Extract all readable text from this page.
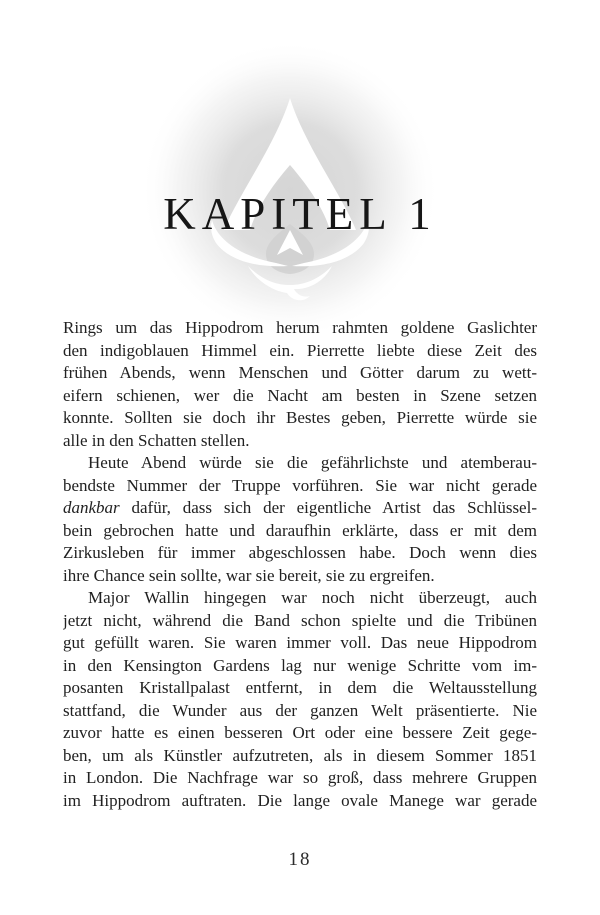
KAPITEL 1
Rings um das Hippodrom herum rahmten goldene Gaslichter
den indigoblauen Himmel ein. Pierrette liebte diese Zeit des
frühen Abends, wenn Menschen und Götter darum zu wett-
eifern schienen, wer die Nacht am besten in Szene setzen
konnte. Sollten sie doch ihr Bestes geben, Pierrette würde sie
alle in den Schatten stellen.
Heute Abend würde sie die gefährlichste und atemberau-
bendste Nummer der Truppe vorführen. Sie war nicht gerade
dankbar dafür, dass sich der eigentliche Artist das Schlüssel-
bein gebrochen hatte und daraufhin erklärte, dass er mit dem
Zirkusleben für immer abgeschlossen habe. Doch wenn dies
ihre Chance sein sollte, war sie bereit, sie zu ergreifen.
Major Wallin hingegen war noch nicht überzeugt, auch
jetzt nicht, während die Band schon spielte und die Tribünen
gut gefüllt waren. Sie waren immer voll. Das neue Hippodrom
in den Kensington Gardens lag nur wenige Schritte vom im-
posanten Kristallpalast entfernt, in dem die Weltausstellung
stattfand, die Wunder aus der ganzen Welt präsentierte. Nie
zuvor hatte es einen besseren Ort oder eine bessere Zeit gege-
ben, um als Künstler aufzutreten, als in diesem Sommer 1851
in London. Die Nachfrage war so groß, dass mehrere Gruppen
im Hippodrom auftraten. Die lange ovale Manege war gerade
18
